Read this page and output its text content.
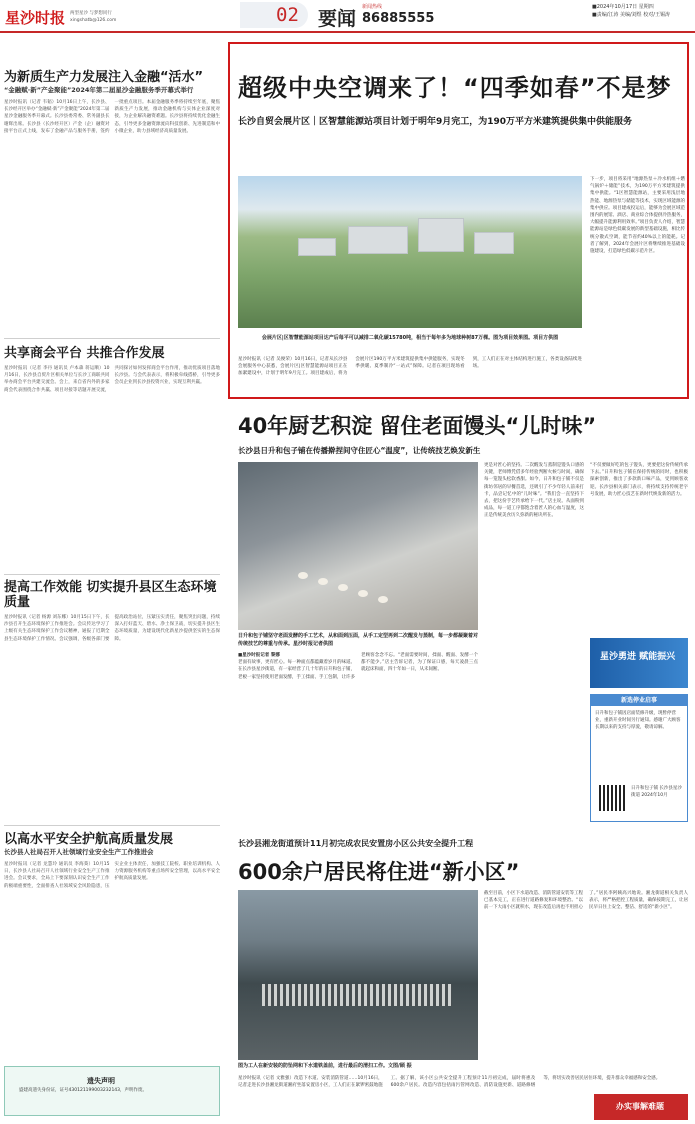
星沙时报 两型星沙 与梦想同行
xingshatb@126.com	02 要闻
新闻热线
86885555
■2024年10月17日 星期四
■责编/江涛 美编/刘煜 校对/王锡涛
为新质生产力发展注入金融“活水”
“金融赋·新”产金聚能”2024年第二届星沙金融服务季开幕式举行
星沙时报讯（记者 韦韬）10月16日上午，长沙县、长沙经开区举办“金融赋·新”产金聚能”2024年第二届星沙金融服务季开幕式。长沙县委常委、常务副县长谢辉出席。长沙县（长沙经开区）产金（企）融资对接平台正式上线，发布了金融产品与服务手册，签约一批重点项目。本届金融服务季将持续至年底，聚焦新质生产力发展，推动金融机构与实体企业深度对接，为企业解决融资难题。长沙县将持续优化金融生态，引导更多金融资源流向科技创新、先进制造和中小微企业，助力县域经济高质量发展。
共享商会平台 共推合作发展
星沙时报讯（记者 李丹 通讯员 卢本森 蒋运顺）10月16日，长沙县自贸片区相关单位与长沙工商联共同举办商会平台共建交流会。会上，来自省内外的多家商会代表围绕合作共赢、项目对接等话题开展交流，共同探讨如何发挥商会平台作用，推动优质项目落地长沙县。与会代表表示，将积极牵线搭桥，引导更多会员企业到长沙县投资兴业，实现互利共赢。
提高工作效能 切实提升县区生态环境质量
星沙时报讯（记者 杨源 刘东娜）10月15日下午，长沙县召开生态环境保护工作推进会。会议传达学习了上级有关生态环境保护工作会议精神，通报了近期全县生态环境保护工作情况。会议强调，各级各部门要提高政治站位，压紧压实责任，聚焦突出问题，持续深入打好蓝天、碧水、净土保卫战，切实提升县区生态环境质量，为建设现代化新星沙提供坚实的生态保障。
以高水平安全护航高质量发展
长沙县人社局召开人社领域行业安全生产工作推进会
星沙时报讯（记者 龙慧玲 通讯员 李海葵）10月15日，长沙县人社局召开人社领域行业安全生产工作推进会。会议要求，全局上下要深刻认识安全生产工作的极端重要性，全面排查人社领域安全风险隐患，压实企业主体责任，加强技工院校、职业培训机构、人力资源服务机构等重点场所安全管理，以高水平安全护航高质量发展。
遗失声明
盛建高遗失身份证，证号430121199003232143，声明作废。
超级中央空调来了！“四季如春”不是梦
长沙自贸会展片区｜区智慧能源站项目计划于明年9月完工，为190万平方米建筑提供集中供能服务
会展片区|区智慧能源站项目达产后每平可以减排二氧化碳15780吨，相当于每年多为地球种树87万棵。图为项目效果图。项目方供图
星沙时报讯（记者 吴俊荣）10月16日，记者从长沙县会展服务中心获悉，会展片区|区智慧能源站项目正在加紧建设中，计划于明年9月完工。项目建成后，将为会展片区190万平方米建筑提供集中供能服务，实现冬季供暖、夏季制冷“一站式”保障。记者在项目现场看到，工人们正在对主体结构进行施工，各类设备陆续进场。
下一步，项目将采用“地源热泵＋冷水机组＋燃气锅炉＋储能”技术，为190万平方米建筑提供集中供能。“1区智慧能源站，主要采用浅层地热能、地源热泵与储能等技术，实现区域能源的集中供应。项目建成投运后，能够为会展区域范围内的展馆、酒店、商业综合体提供冷热服务，大幅提升能源利用效率。”项目负责人介绍，智慧能源站是绿色低碳发展的新型基础设施，相比传统分散式空调，能节省约40%以上的能耗。记者了解到，2024年会展片区将继续推进基础设施建设，打造绿色低碳示范片区。
40年厨艺积淀 留住老面馒头“儿时味”
长沙县日升和包子铺在传播擀捏间守住匠心“温度”，让传统技艺焕发新生
日升和包子铺坚守老面发酵的手工艺术，从和面到压面，从手工定型再到二次醒发与蒸制，每一步都凝聚着对传统技艺的尊重与传承。星沙时报记者供图
■星沙时报记者 黎娜
老面有故事，更有匠心。每一种面点都蕴藏着岁月的味道。在长沙县星沙街道，有一家经营了几十年的日升和包子铺，老板一家坚持使用老面发酵，手工揉面、手工包制，让许多老顾客念念不忘。“老面需要时间，揉面、醒面、发酵一个都不能少。”店主告诉记者，为了保证口感，每天凌晨三点就起床和面，四十年如一日，从未间断。
更是对匠心的坚持。二次醒发与蒸制是馒头口感的关键，老师傅凭借多年经验判断火候与时间，确保每一笼馒头松软香甜。如今，日升和包子铺不仅是街坊邻居的早餐首选，还吸引了不少年轻人前来打卡，品尝记忆中的“儿时味”。“我们会一直坚持下去，把这份手艺传承给下一代。”店主说。从面粉到成品，每一道工序都饱含着匠人的心血与温度，这正是传统美食历久弥新的秘诀所在。
“不仅要做好吃的包子馒头，更要把这份传统传承下去。”日升和包子铺在保持传统的同时，也积极探索创新，推出了多款新口味产品，受到顾客欢迎。长沙县相关部门表示，将持续支持传统老字号发展，助力匠心技艺在新时代焕发新的活力。
星沙勇进 赋能振兴
新选停业启事
日升和包子铺因店面装修升级，现暂停营业，重新开业时间另行通知。感谢广大顾客长期以来的支持与厚爱，敬请谅解。
日升和包子铺 长沙县星沙街道 2024年10月
长沙县湘龙街道预计11月初完成农民安置房小区公共安全提升工程
600余户居民将住进“新小区”
图为工人在新安装的防坠网和下水道铁盖前，进行最后的清扫工作。文图/顾 振
截至目前，小区下水道改造、消防管道安装等工程已基本完工，正在进行道路修复和环境整治。“以前一下大雨小区就积水，现在改造后再也不用担心了。”居民李阿姨高兴地说。湘龙街道相关负责人表示，将严格把控工程质量，确保按期完工，让居民早日住上安全、整洁、舒适的“新小区”。
星沙时报讯（记者 文雅强）改造下水道、安装消防管道……10月16日，记者走进长沙县湘龙街道湘府坐落安置房小区，工人们正在紧锣密鼓地施工。据了解，该小区公共安全提升工程预计11月初完成，届时将惠及600余户居民。改造内容包括雨污管网改造、消防设施更新、道路修缮等，将切实改善居民居住环境，提升群众幸福感和安全感。
办实事解难题
